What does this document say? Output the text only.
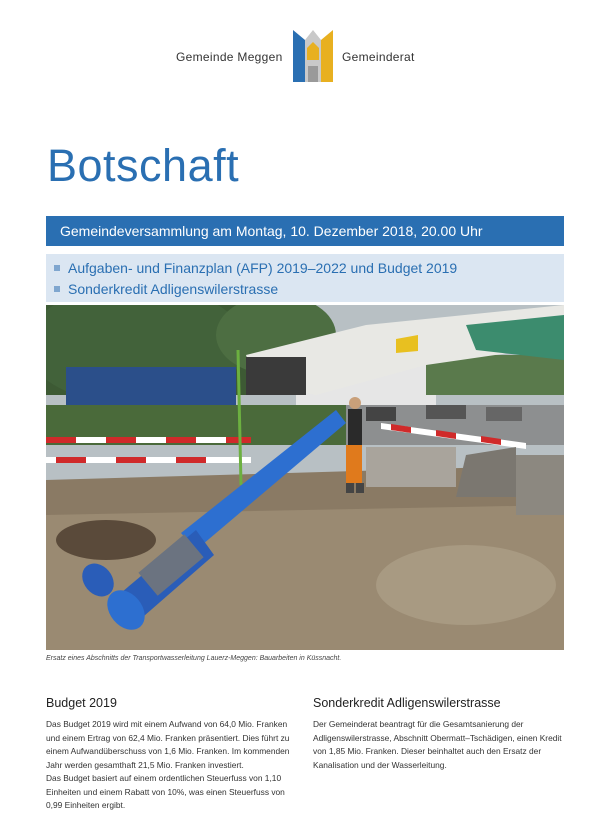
Gemeinde Meggen	Gemeinderat
Botschaft
Gemeindeversammlung am Montag, 10. Dezember 2018, 20.00 Uhr
Aufgaben- und Finanzplan (AFP) 2019–2022 und Budget 2019
Sonderkredit Adligenswilerstrasse
Ersatz eines Abschnitts der Transportwasserleitung Lauerz-Meggen: Bauarbeiten in Küssnacht.
Budget 2019

Das Budget 2019 wird mit einem Aufwand von 64,0 Mio. Franken und einem Ertrag von 62,4 Mio. Franken präsentiert. Dies führt zu einem Aufwandüberschuss von 1,6 Mio. Franken. Im kommenden Jahr werden gesamthaft 21,5 Mio. Franken investiert.

Das Budget basiert auf einem ordentlichen Steuerfuss von 1,10 Einheiten und einem Rabatt von 10%, was einen Steuerfuss von 0,99 Einheiten ergibt.

Sonderkredit Adligenswilerstrasse

Der Gemeinderat beantragt für die Gesamtsanierung der Adligenswilerstrasse, Abschnitt Obermatt–Tschädigen, einen Kredit von 1,85 Mio. Franken. Dieser beinhaltet auch den Ersatz der Kanalisation und der Wasserleitung.
